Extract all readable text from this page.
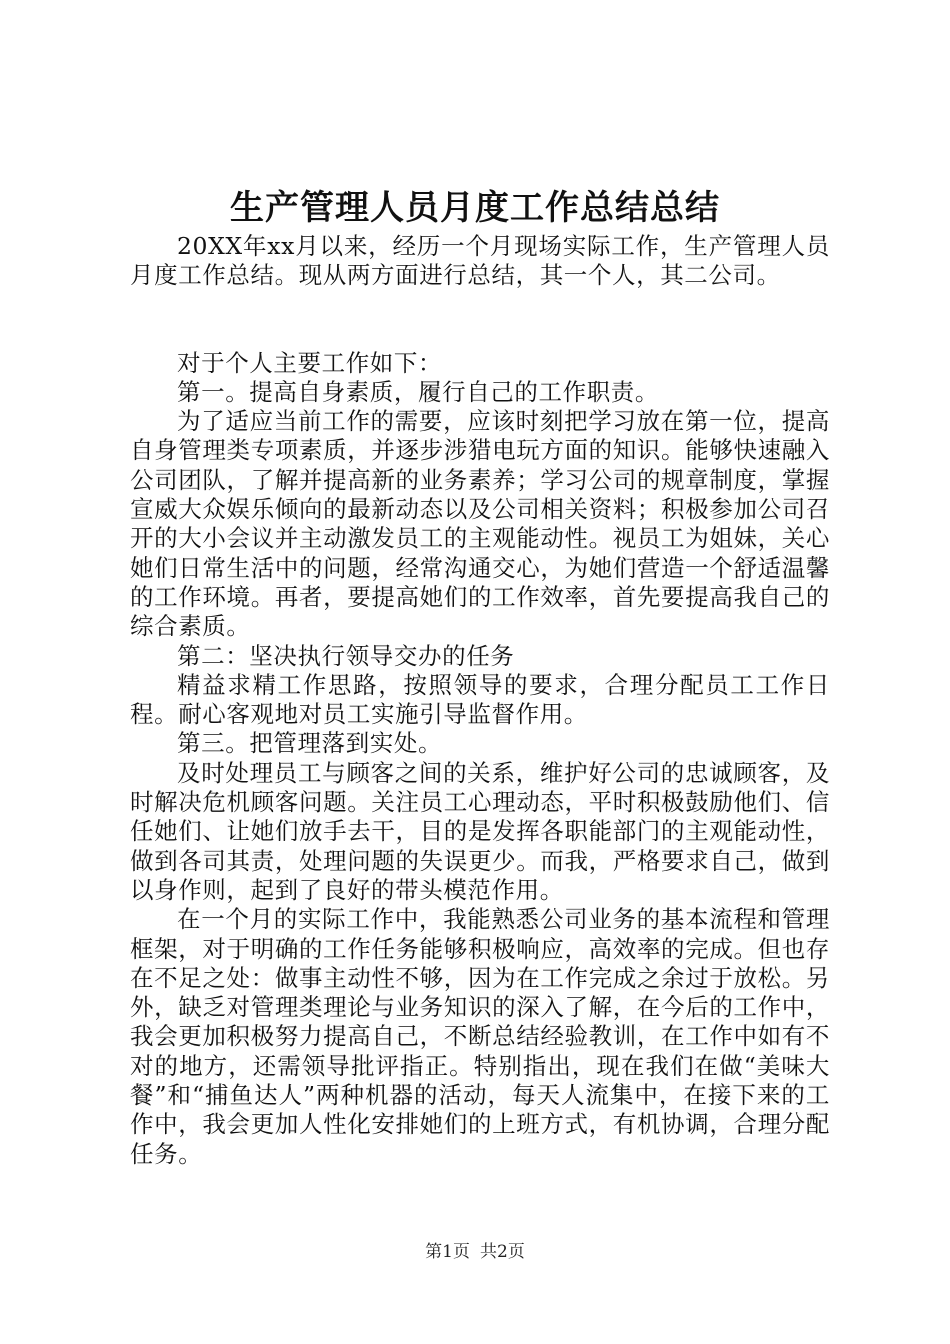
生产管理人员月度工作总结总结

20XX年xx月以来，经历一个月现场实际工作，生产管理人员月度工作总结。现从两方面进行总结，其一个人，其二公司。

对于个人主要工作如下：

第一。提高自身素质，履行自己的工作职责。

为了适应当前工作的需要，应该时刻把学习放在第一位，提高自身管理类专项素质，并逐步涉猎电玩方面的知识。能够快速融入公司团队，了解并提高新的业务素养；学习公司的规章制度，掌握宣威大众娱乐倾向的最新动态以及公司相关资料；积极参加公司召开的大小会议并主动激发员工的主观能动性。视员工为姐妹，关心她们日常生活中的问题，经常沟通交心，为她们营造一个舒适温馨的工作环境。再者，要提高她们的工作效率，首先要提高我自己的综合素质。

第二：坚决执行领导交办的任务

精益求精工作思路，按照领导的要求，合理分配员工工作日程。耐心客观地对员工实施引导监督作用。

第三。把管理落到实处。

及时处理员工与顾客之间的关系，维护好公司的忠诚顾客，及时解决危机顾客问题。关注员工心理动态，平时积极鼓励他们、信任她们、让她们放手去干，目的是发挥各职能部门的主观能动性，做到各司其责，处理问题的失误更少。而我，严格要求自己，做到以身作则，起到了良好的带头模范作用。

在一个月的实际工作中，我能熟悉公司业务的基本流程和管理框架，对于明确的工作任务能够积极响应，高效率的完成。但也存在不足之处：做事主动性不够，因为在工作完成之余过于放松。另外，缺乏对管理类理论与业务知识的深入了解，在今后的工作中，我会更加积极努力提高自己，不断总结经验教训，在工作中如有不对的地方，还需领导批评指正。特别指出，现在我们在做“美味大餐”和“捕鱼达人”两种机器的活动，每天人流集中，在接下来的工作中，我会更加人性化安排她们的上班方式，有机协调，合理分配任务。

第1页 共2页
